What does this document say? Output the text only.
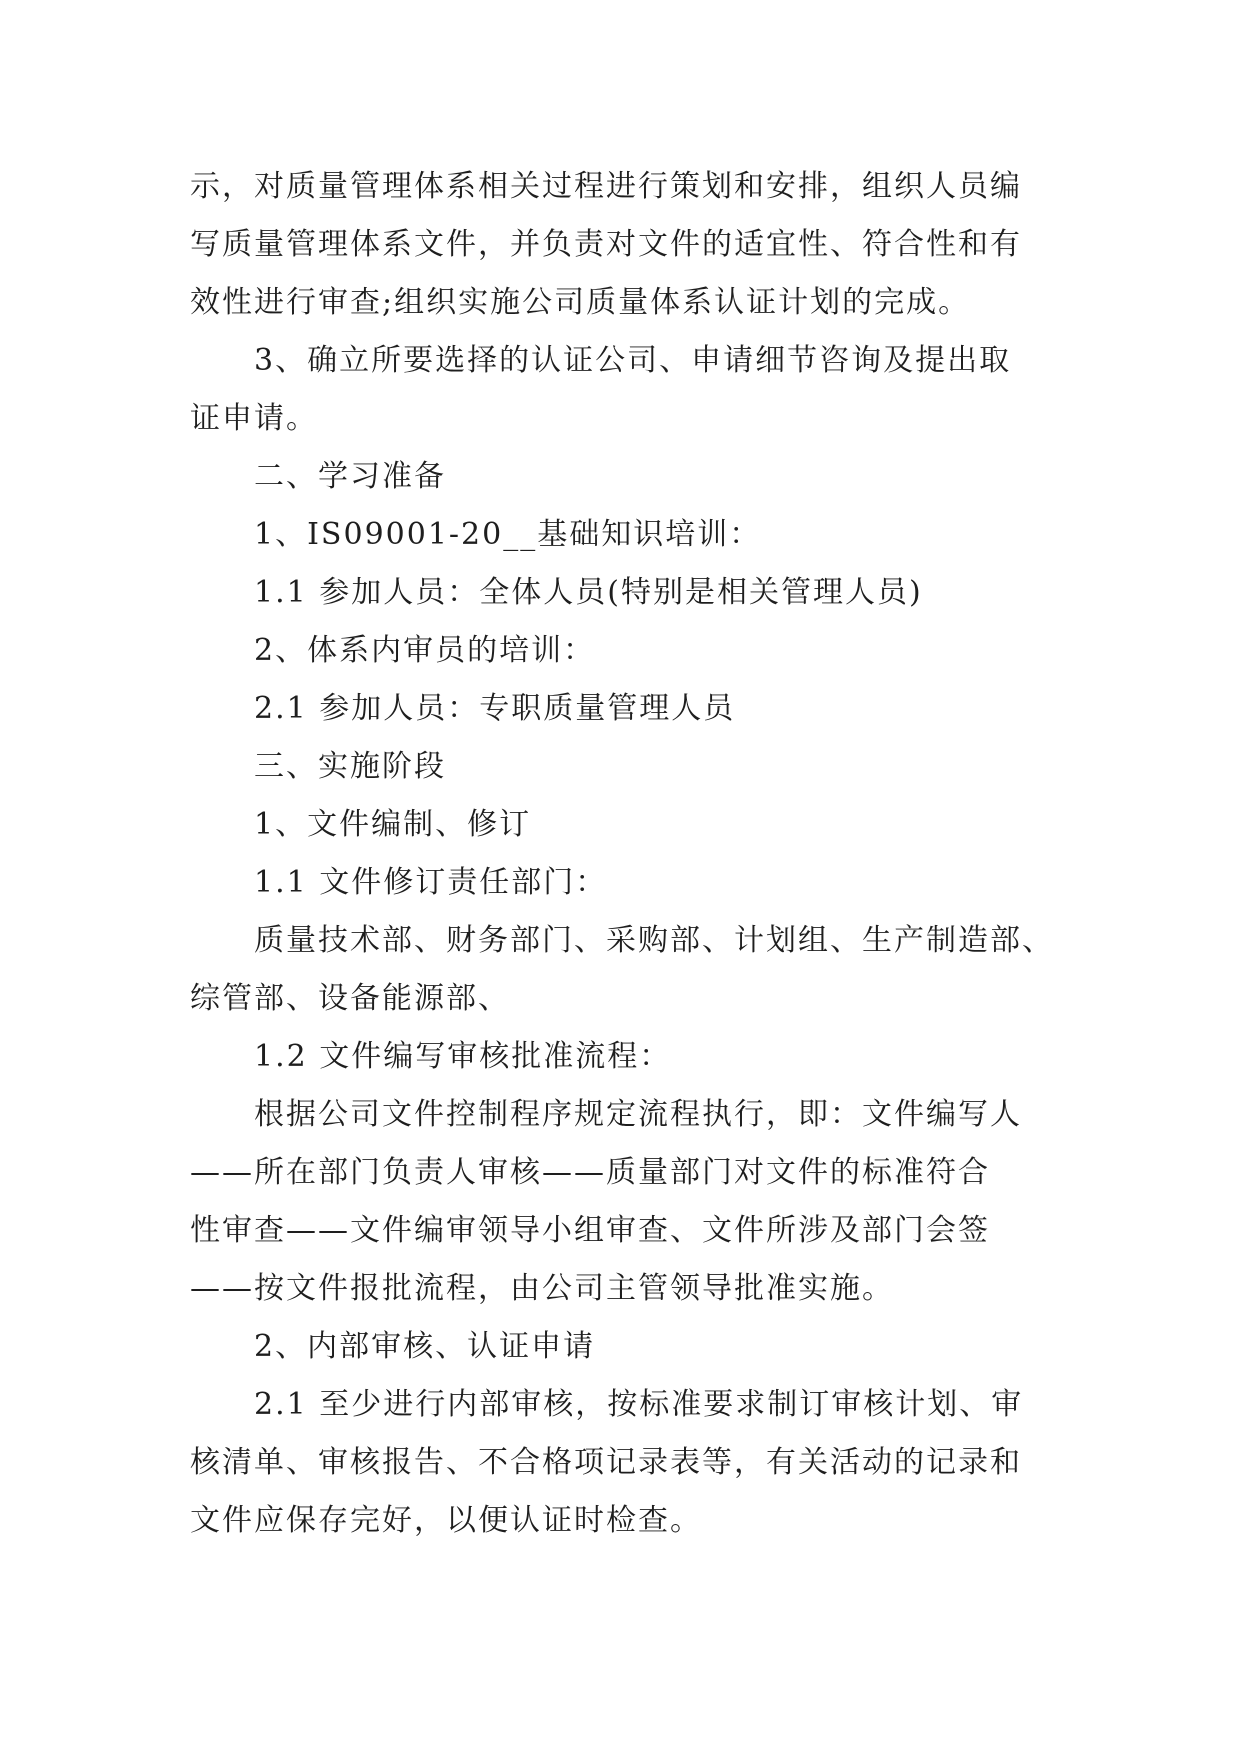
示，对质量管理体系相关过程进行策划和安排，组织人员编
写质量管理体系文件，并负责对文件的适宜性、符合性和有
效性进行审查;组织实施公司质量体系认证计划的完成。
3、确立所要选择的认证公司、申请细节咨询及提出取
证申请。
二、学习准备
1、IS09001-20__基础知识培训：
1.1 参加人员：全体人员(特别是相关管理人员)
2、体系内审员的培训：
2.1 参加人员：专职质量管理人员
三、实施阶段
1、文件编制、修订
1.1 文件修订责任部门：
质量技术部、财务部门、采购部、计划组、生产制造部、
综管部、设备能源部、
1.2 文件编写审核批准流程：
根据公司文件控制程序规定流程执行，即：文件编写人
——所在部门负责人审核——质量部门对文件的标准符合
性审查——文件编审领导小组审查、文件所涉及部门会签
——按文件报批流程，由公司主管领导批准实施。
2、内部审核、认证申请
2.1 至少进行内部审核，按标准要求制订审核计划、审
核清单、审核报告、不合格项记录表等，有关活动的记录和
文件应保存完好，以便认证时检查。
